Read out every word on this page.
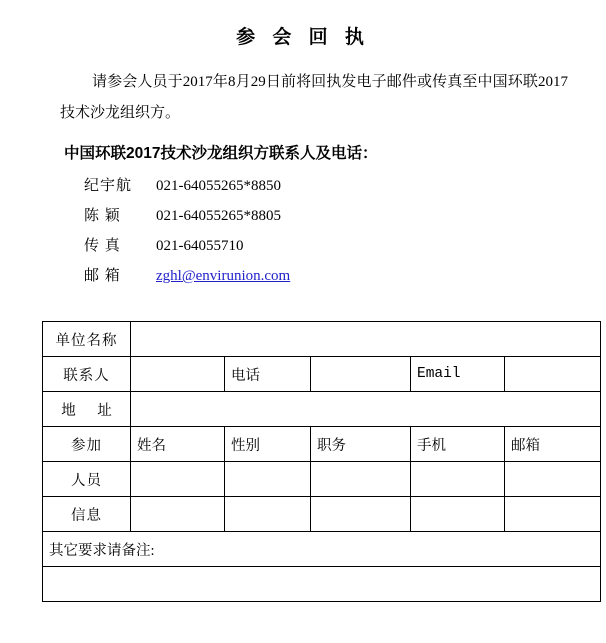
参 会 回 执
请参会人员于2017年8月29日前将回执发电子邮件或传真至中国环联2017技术沙龙组织方。
中国环联2017技术沙龙组织方联系人及电话：
纪宇航	021-64055265*8850
陈 颖	021-64055265*8805
传 真	021-64055710
邮 箱	zghl@envirunion.com
单位名称					
联系人		电话		Email	
地 址					
参加	姓名	性别	职务	手机	邮箱
人员					
信息					
其它要求请备注:					
